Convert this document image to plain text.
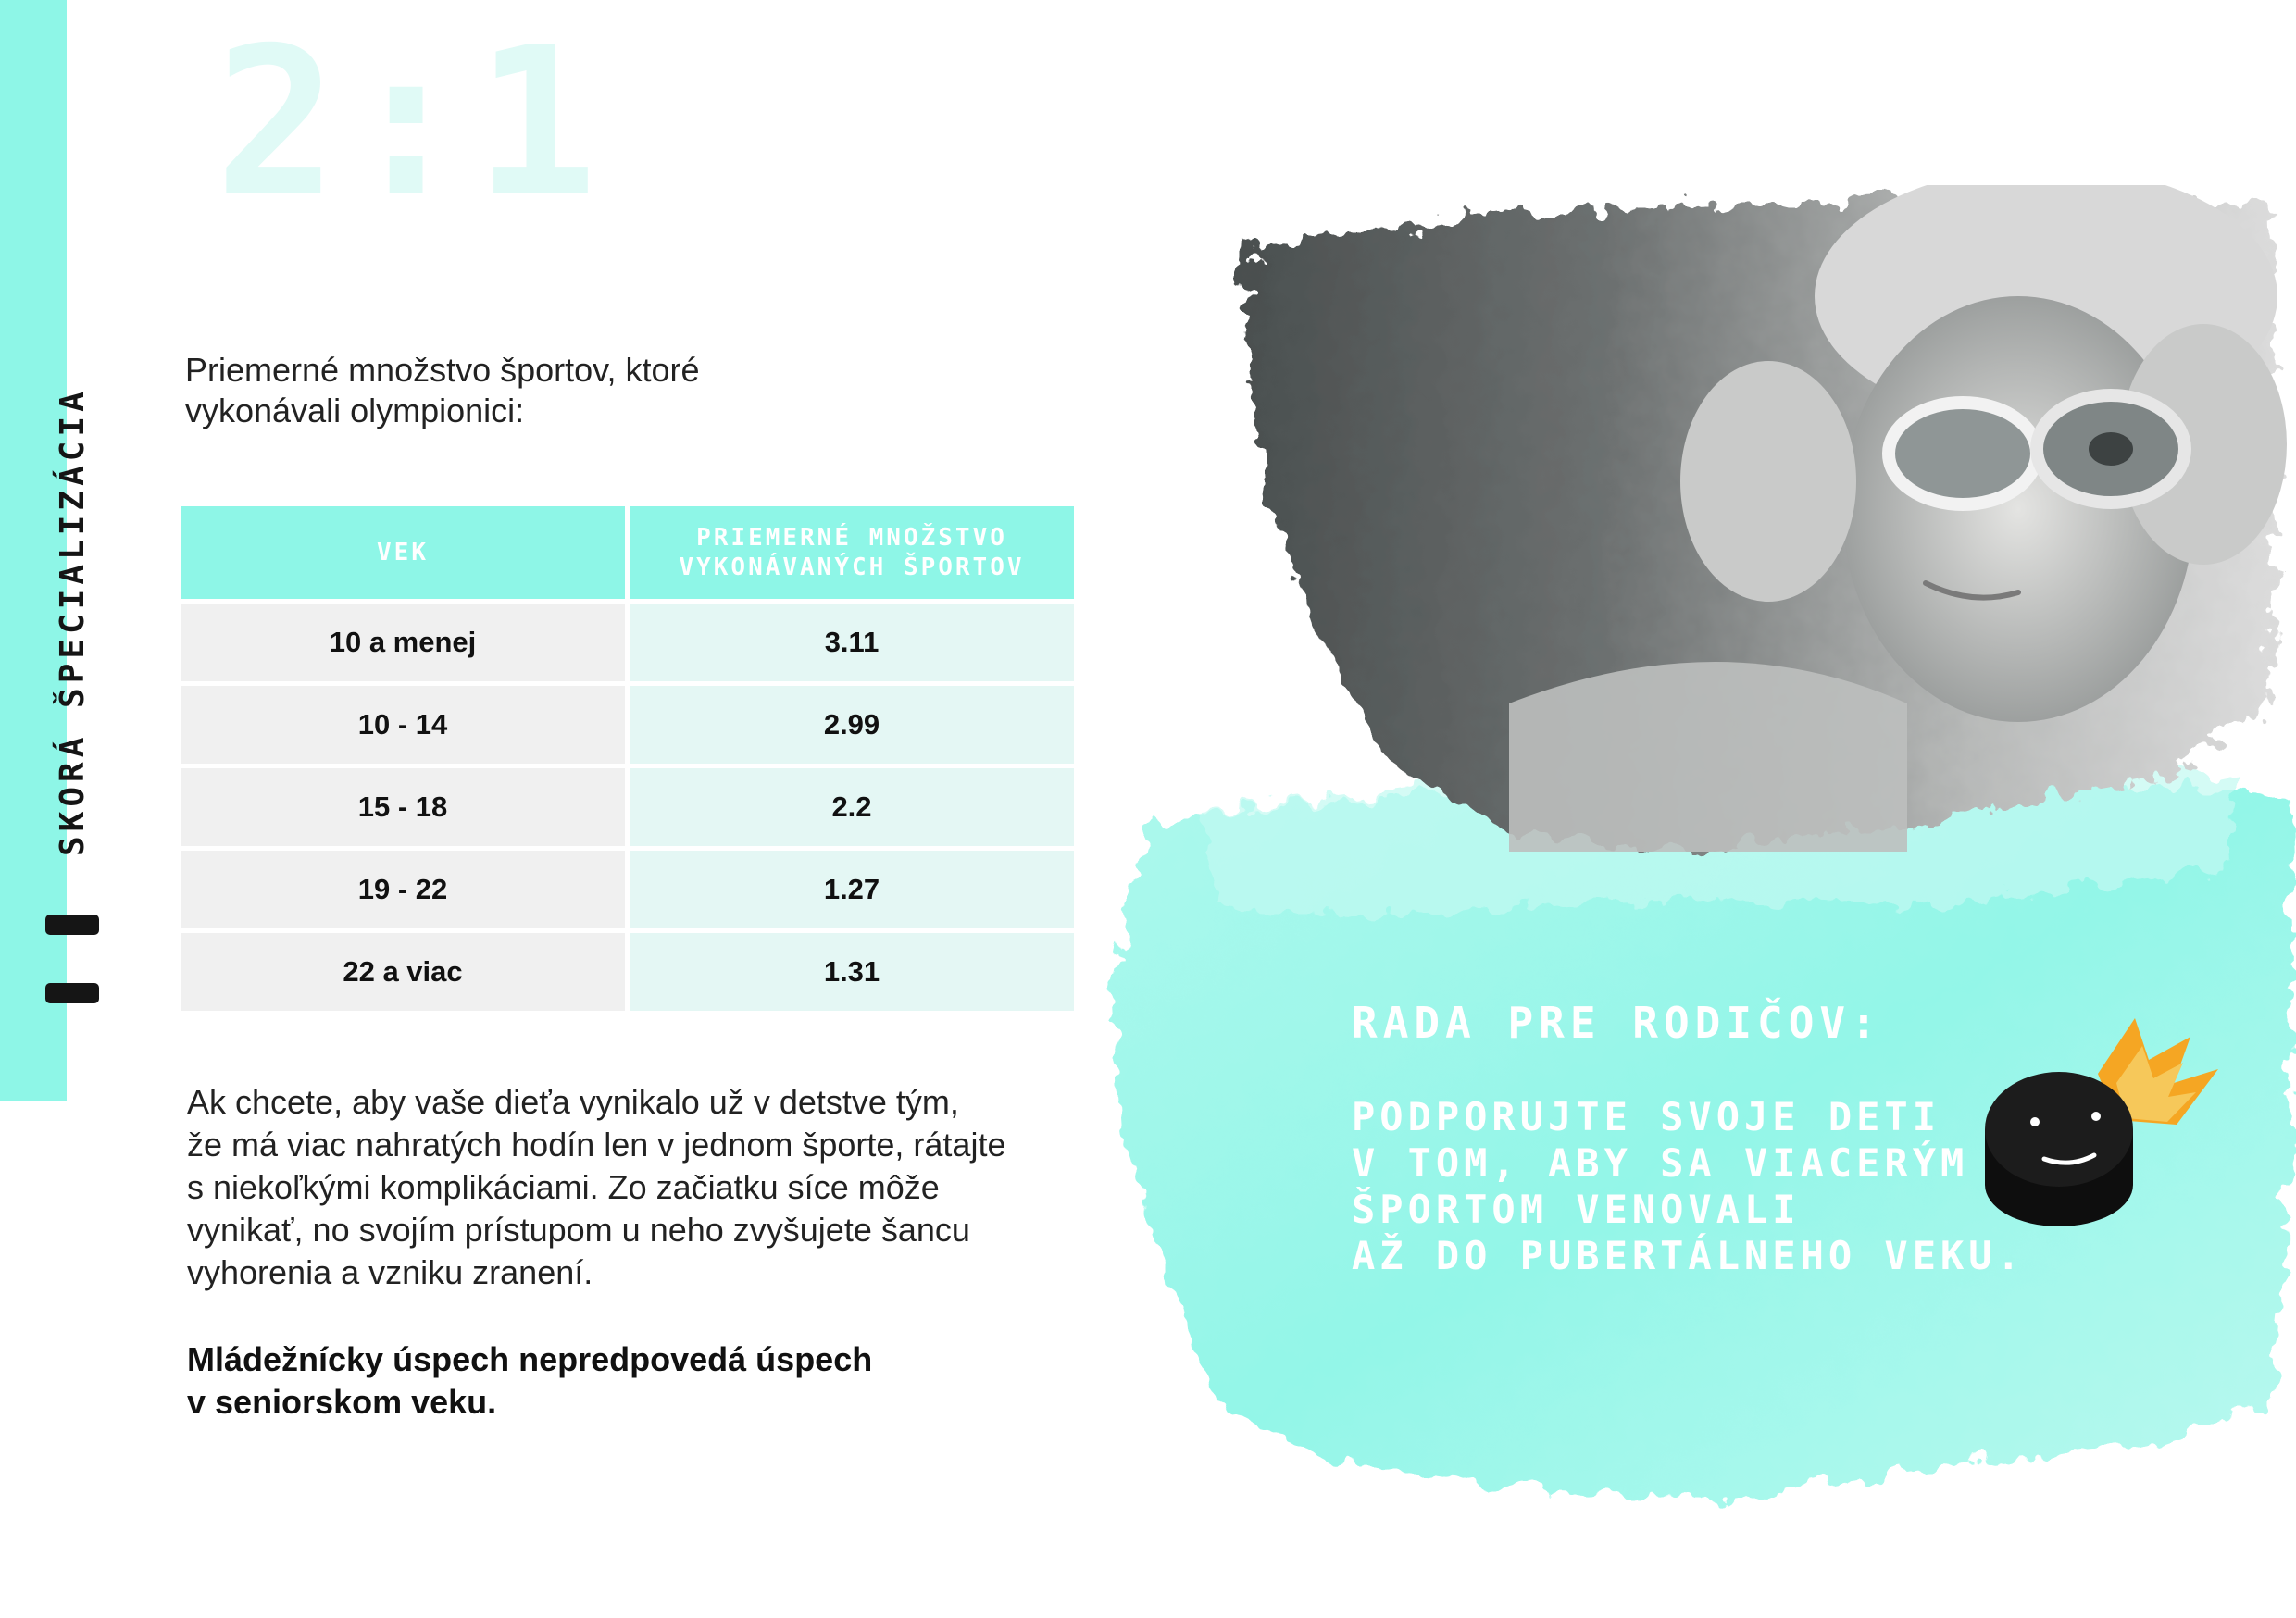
SKORÁ ŠPECIALIZÁCIA
2:1
Priemerné množstvo športov, ktoré
vykonávali olympionici:
VEK	PRIEMERNÉ MNOŽSTVO
VYKONÁVANÝCH ŠPORTOV

10 a menej	3.11
10 - 14	2.99
15 - 18	2.2
19 - 22	1.27
22 a viac	1.31
Ak chcete, aby vaše dieťa vynikalo už v detstve tým,
že má viac nahratých hodín len v jednom športe, rátajte
s niekoľkými komplikáciami. Zo začiatku síce môže
vynikať, no svojím prístupom u neho zvyšujete šancu
vyhorenia a vzniku zranení.
Mládežnícky úspech nepredpovedá úspech
v seniorskom veku.
RADA PRE RODIČOV:
PODPORUJTE SVOJE DETI
V TOM, ABY SA VIACERÝM
ŠPORTOM VENOVALI
AŽ DO PUBERTÁLNEHO VEKU.
